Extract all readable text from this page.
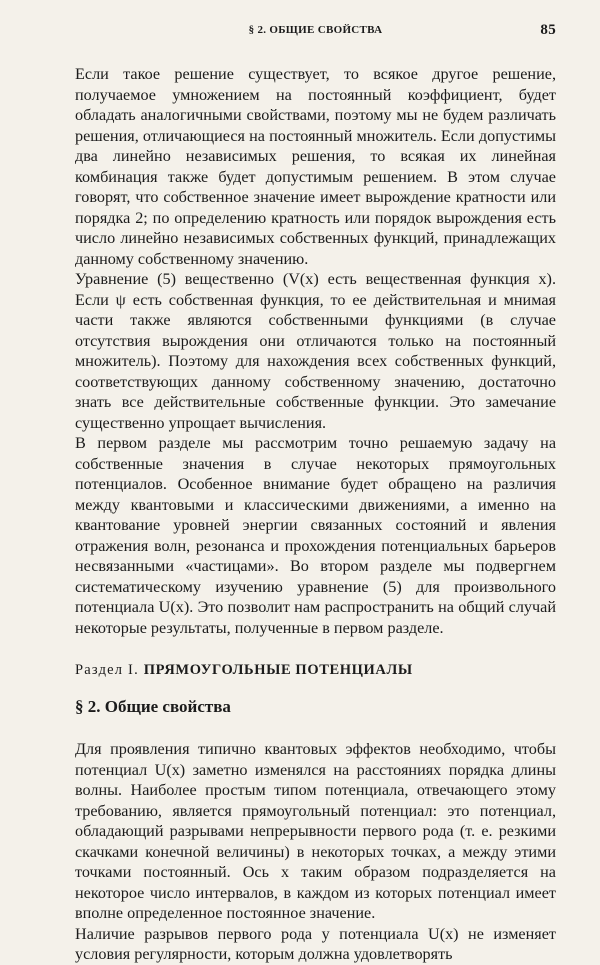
§ 2. ОБЩИЕ СВОЙСТВА	85

Если такое решение существует, то всякое другое решение, получаемое умножением на постоянный коэффициент, будет обладать аналогичными свойствами, поэтому мы не будем различать решения, отличающиеся на постоянный множитель. Если допустимы два линейно независимых решения, то всякая их линейная комбинация также будет допустимым решением. В этом случае говорят, что собственное значение имеет вырождение кратности или порядка 2; по определению кратность или порядок вырождения есть число линейно независимых собственных функций, принадлежащих данному собственному значению.

Уравнение (5) вещественно (V(x) есть вещественная функция x). Если ψ есть собственная функция, то ее действительная и мнимая части также являются собственными функциями (в случае отсутствия вырождения они отличаются только на постоянный множитель). Поэтому для нахождения всех собственных функций, соответствующих данному собственному значению, достаточно знать все действительные собственные функции. Это замечание существенно упрощает вычисления.

В первом разделе мы рассмотрим точно решаемую задачу на собственные значения в случае некоторых прямоугольных потенциалов. Особенное внимание будет обращено на различия между квантовыми и классическими движениями, а именно на квантование уровней энергии связанных состояний и явления отражения волн, резонанса и прохождения потенциальных барьеров несвязанными «частицами». Во втором разделе мы подвергнем систематическому изучению уравнение (5) для произвольного потенциала U(x). Это позволит нам распространить на общий случай некоторые результаты, полученные в первом разделе.

Раздел I. ПРЯМОУГОЛЬНЫЕ ПОТЕНЦИАЛЫ
§ 2. Общие свойства

Для проявления типично квантовых эффектов необходимо, чтобы потенциал U(x) заметно изменялся на расстояниях порядка длины волны. Наиболее простым типом потенциала, отвечающего этому требованию, является прямоугольный потенциал: это потенциал, обладающий разрывами непрерывности первого рода (т. е. резкими скачками конечной величины) в некоторых точках, а между этими точками постоянный. Ось x таким образом подразделяется на некоторое число интервалов, в каждом из которых потенциал имеет вполне определенное постоянное значение.

Наличие разрывов первого рода у потенциала U(x) не изменяет условия регулярности, которым должна удовлетворять
